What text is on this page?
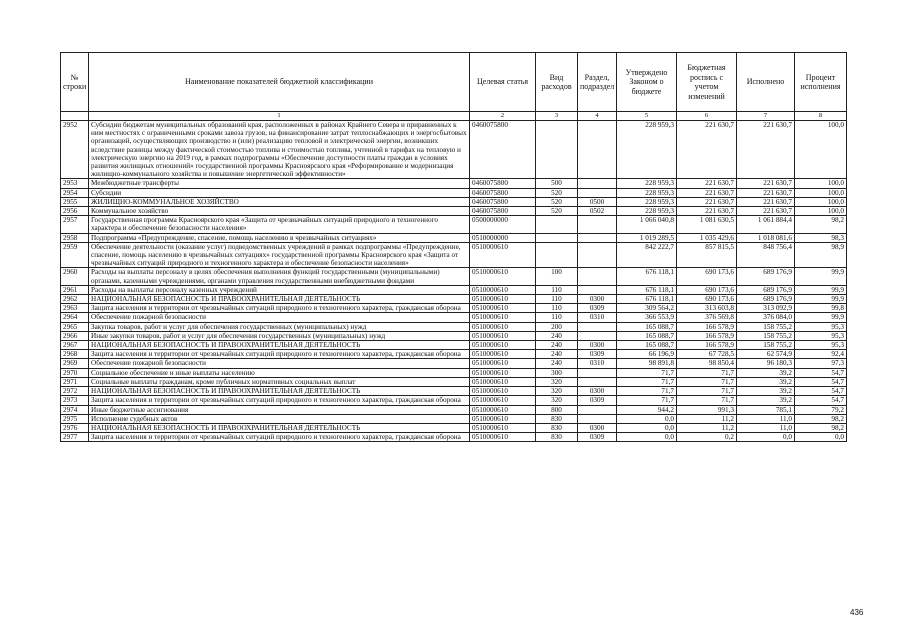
№ строки	Наименование показателей бюджетной классификации	Целевая статья	Вид расходов	Раздел, подраздел	Утверждено Законом о бюджете	Бюджетная роспись с учетом изменений	Исполнено	Процент исполнения
	1	2	3	4	5	6	7	8
2952	Субсидии бюджетам муниципальных образований края, расположенных в районах Крайнего Севера и приравненных к ним местностях с ограниченными сроками завоза грузов, на финансирование затрат теплоснабжающих и энергосбытовых организаций, осуществляющих производство и (или) реализацию тепловой и электрической энергии, возникших вследствие разницы между фактической стоимостью топлива и стоимостью топлива, учтенной в тарифах на тепловую и электрическую энергию на 2019 год, в рамках подпрограммы «Обеспечение доступности платы граждан в условиях развития жилищных отношений» государственной программы Красноярского края «Реформирование и модернизация жилищно-коммунального хозяйства и повышение энергетической эффективности»	0460075800			228 959,3	221 630,7	221 630,7	100,0
2953	Межбюджетные трансферты	0460075800	500		228 959,3	221 630,7	221 630,7	100,0
2954	Субсидии	0460075800	520		228 959,3	221 630,7	221 630,7	100,0
2955	ЖИЛИЩНО-КОММУНАЛЬНОЕ ХОЗЯЙСТВО	0460075800	520	0500	228 959,3	221 630,7	221 630,7	100,0
2956	Коммунальное хозяйство	0460075800	520	0502	228 959,3	221 630,7	221 630,7	100,0
2957	Государственная программа Красноярского края «Защита от чрезвычайных ситуаций природного и техногенного характера и обеспечение безопасности населения»	0500000000			1 066 040,8	1 081 630,5	1 061 884,4	98,2
2958	Подпрограмма «Предупреждение, спасение, помощь населению в чрезвычайных ситуациях»	0510000000			1 019 289,5	1 035 429,6	1 018 081,6	98,3
2959	Обеспечение деятельности (оказание услуг) подведомственных учреждений в рамках подпрограммы «Предупреждение, спасение, помощь населению в чрезвычайных ситуациях» государственной программы Красноярского края «Защита от чрезвычайных ситуаций природного и техногенного характера и обеспечение безопасности населения»	0510000610			842 222,7	857 815,5	848 756,4	98,9
2960	Расходы на выплаты персоналу в целях обеспечения выполнения функций государственными (муниципальными) органами, казенными учреждениями, органами управления государственными внебюджетными фондами	0510000610	100		676 118,1	690 173,6	689 176,9	99,9
2961	Расходы на выплаты персоналу казенных учреждений	0510000610	110		676 118,1	690 173,6	689 176,9	99,9
2962	НАЦИОНАЛЬНАЯ БЕЗОПАСНОСТЬ И ПРАВООХРАНИТЕЛЬНАЯ ДЕЯТЕЛЬНОСТЬ	0510000610	110	0300	676 118,1	690 173,6	689 176,9	99,9
2963	Защита населения и территории от чрезвычайных ситуаций природного и техногенного характера, гражданская оборона	0510000610	110	0309	309 564,2	313 603,8	313 092,9	99,8
2964	Обеспечение пожарной безопасности	0510000610	110	0310	366 553,9	376 569,8	376 084,0	99,9
2965	Закупка товаров, работ и услуг для обеспечения государственных (муниципальных) нужд	0510000610	200		165 088,7	166 578,9	158 755,2	95,3
2966	Иные закупки товаров, работ и услуг для обеспечения государственных (муниципальных) нужд	0510000610	240		165 088,7	166 578,9	158 755,2	95,3
2967	НАЦИОНАЛЬНАЯ БЕЗОПАСНОСТЬ И ПРАВООХРАНИТЕЛЬНАЯ ДЕЯТЕЛЬНОСТЬ	0510000610	240	0300	165 088,7	166 578,9	158 755,2	95,3
2968	Защита населения и территории от чрезвычайных ситуаций природного и техногенного характера, гражданская оборона	0510000610	240	0309	66 196,9	67 728,5	62 574,9	92,4
2969	Обеспечение пожарной безопасности	0510000610	240	0310	98 891,8	98 850,4	96 180,3	97,3
2970	Социальное обеспечение и иные выплаты населению	0510000610	300		71,7	71,7	39,2	54,7
2971	Социальные выплаты гражданам, кроме публичных нормативных социальных выплат	0510000610	320		71,7	71,7	39,2	54,7
2972	НАЦИОНАЛЬНАЯ БЕЗОПАСНОСТЬ И ПРАВООХРАНИТЕЛЬНАЯ ДЕЯТЕЛЬНОСТЬ	0510000610	320	0300	71,7	71,7	39,2	54,7
2973	Защита населения и территории от чрезвычайных ситуаций природного и техногенного характера, гражданская оборона	0510000610	320	0309	71,7	71,7	39,2	54,7
2974	Иные бюджетные ассигнования	0510000610	800		944,2	991,3	785,1	79,2
2975	Исполнение судебных актов	0510000610	830		0,0	11,2	11,0	98,2
2976	НАЦИОНАЛЬНАЯ БЕЗОПАСНОСТЬ И ПРАВООХРАНИТЕЛЬНАЯ ДЕЯТЕЛЬНОСТЬ	0510000610	830	0300	0,0	11,2	11,0	98,2
2977	Защита населения и территории от чрезвычайных ситуаций природного и техногенного характера, гражданская оборона	0510000610	830	0309	0,0	0,2	0,0	0,0
436
